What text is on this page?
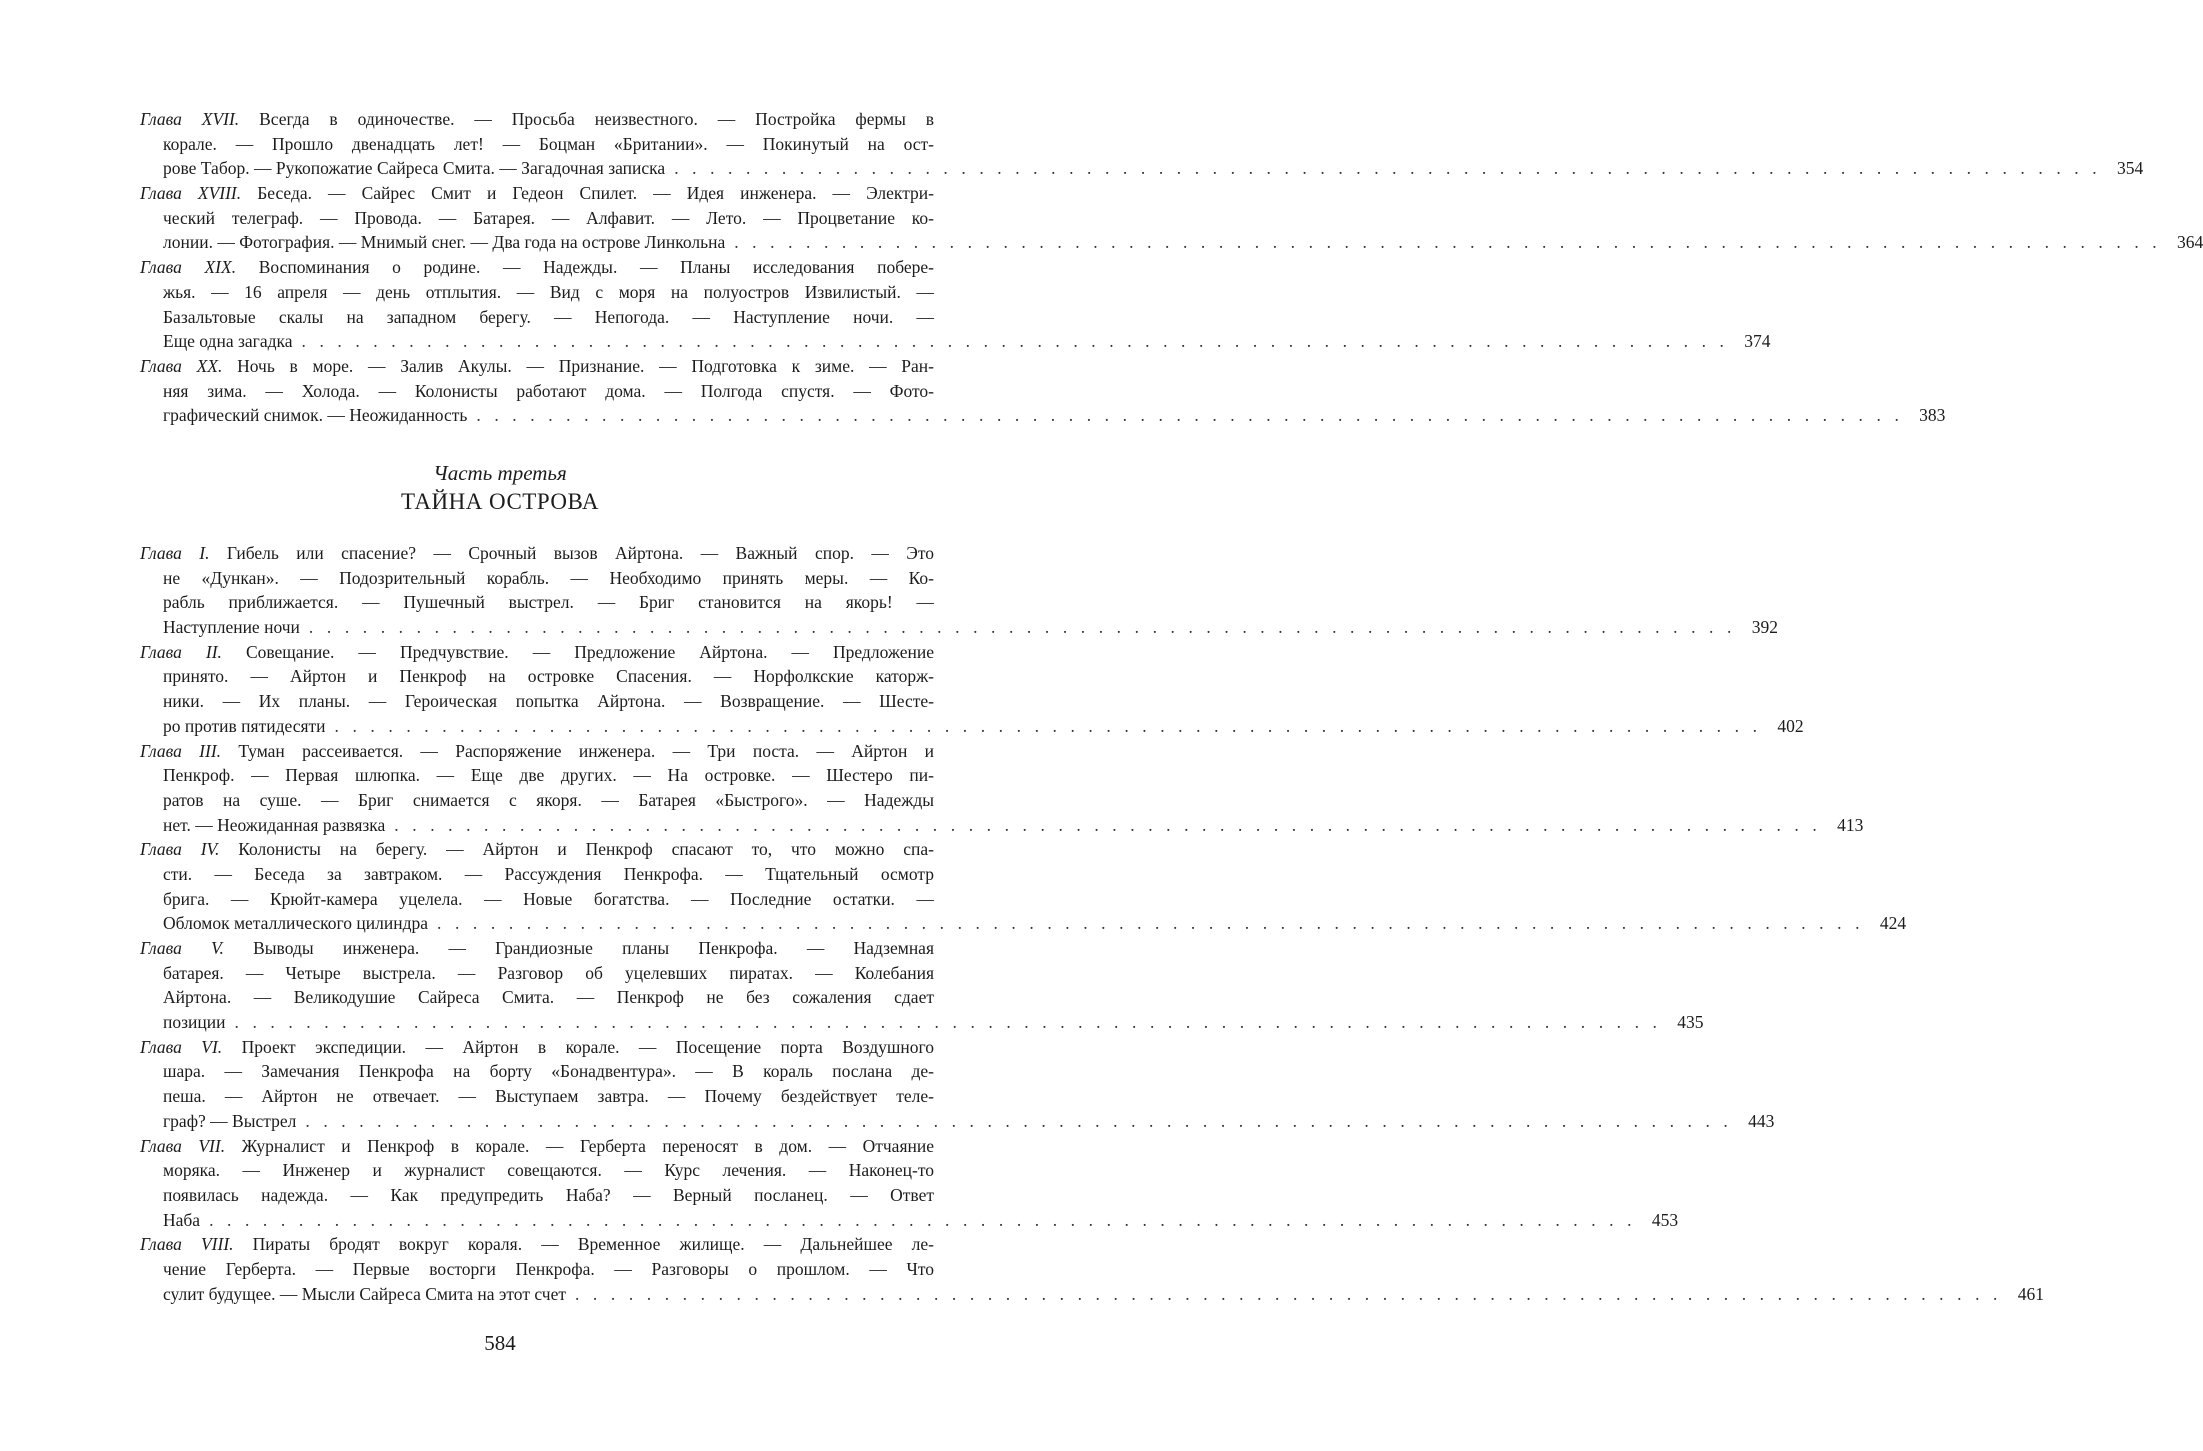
Глава XVII. Всегда в одиночестве. — Просьба неизвестного. — Постройка фермы в
корале. — Прошло двенадцать лет! — Боцман «Британии». — Покинутый на ост-
рове Табор. — Рукопожатие Сайреса Смита. — Загадочная записка . . . . . . . . . . . . . . . . . . . . . . . . . . . . . . . . . . . . . . . . . . . . . . . . . . . . . . . . . . . . . . . . . . . . . . . . . . . . . . . . 354
Глава XVIII. Беседа. — Сайрес Смит и Гедеон Спилет. — Идея инженера. — Электри-
ческий телеграф. — Провода. — Батарея. — Алфавит. — Лето. — Процветание ко-
лонии. — Фотография. — Мнимый снег. — Два года на острове Линкольна . . . . . . . . . . . . . . . . . . . . . . . . . . . . . . . . . . . . . . . . . . . . . . . . . . . . . . . . . . . . . . . . . . . . . . . . . . . . . . . . 364
Глава XIX. Воспоминания о родине. — Надежды. — Планы исследования побере-
жья. — 16 апреля — день отплытия. — Вид с моря на полуостров Извилистый. —
Базальтовые скалы на западном берегу. — Непогода. — Наступление ночи. —
Еще одна загадка . . . . . . . . . . . . . . . . . . . . . . . . . . . . . . . . . . . . . . . . . . . . . . . . . . . . . . . . . . . . . . . . . . . . . . . . . . . . . . . . 374
Глава XX. Ночь в море. — Залив Акулы. — Признание. — Подготовка к зиме. — Ран-
няя зима. — Холода. — Колонисты работают дома. — Полгода спустя. — Фото-
графический снимок. — Неожиданность . . . . . . . . . . . . . . . . . . . . . . . . . . . . . . . . . . . . . . . . . . . . . . . . . . . . . . . . . . . . . . . . . . . . . . . . . . . . . . . . 383
Часть третья
ТАЙНА ОСТРОВА
Глава I. Гибель или спасение? — Срочный вызов Айртона. — Важный спор. — Это
не «Дункан». — Подозрительный корабль. — Необходимо принять меры. — Ко-
рабль приближается. — Пушечный выстрел. — Бриг становится на якорь! —
Наступление ночи . . . . . . . . . . . . . . . . . . . . . . . . . . . . . . . . . . . . . . . . . . . . . . . . . . . . . . . . . . . . . . . . . . . . . . . . . . . . . . . . 392
Глава II. Совещание. — Предчувствие. — Предложение Айртона. — Предложение
принято. — Айртон и Пенкроф на островке Спасения. — Норфолкские каторж-
ники. — Их планы. — Героическая попытка Айртона. — Возвращение. — Шесте-
ро против пятидесяти . . . . . . . . . . . . . . . . . . . . . . . . . . . . . . . . . . . . . . . . . . . . . . . . . . . . . . . . . . . . . . . . . . . . . . . . . . . . . . . . 402
Глава III. Туман рассеивается. — Распоряжение инженера. — Три поста. — Айртон и
Пенкроф. — Первая шлюпка. — Еще две других. — На островке. — Шестеро пи-
ратов на суше. — Бриг снимается с якоря. — Батарея «Быстрого». — Надежды
нет. — Неожиданная развязка . . . . . . . . . . . . . . . . . . . . . . . . . . . . . . . . . . . . . . . . . . . . . . . . . . . . . . . . . . . . . . . . . . . . . . . . . . . . . . . . 413
Глава IV. Колонисты на берегу. — Айртон и Пенкроф спасают то, что можно спа-
сти. — Беседа за завтраком. — Рассуждения Пенкрофа. — Тщательный осмотр
брига. — Крюйт-камера уцелела. — Новые богатства. — Последние остатки. —
Обломок металлического цилиндра . . . . . . . . . . . . . . . . . . . . . . . . . . . . . . . . . . . . . . . . . . . . . . . . . . . . . . . . . . . . . . . . . . . . . . . . . . . . . . . . 424
Глава V. Выводы инженера. — Грандиозные планы Пенкрофа. — Надземная
батарея. — Четыре выстрела. — Разговор об уцелевших пиратах. — Колебания
Айртона. — Великодушие Сайреса Смита. — Пенкроф не без сожаления сдает
позиции . . . . . . . . . . . . . . . . . . . . . . . . . . . . . . . . . . . . . . . . . . . . . . . . . . . . . . . . . . . . . . . . . . . . . . . . . . . . . . . . 435
Глава VI. Проект экспедиции. — Айртон в корале. — Посещение порта Воздушного
шара. — Замечания Пенкрофа на борту «Бонадвентура». — В кораль послана де-
пеша. — Айртон не отвечает. — Выступаем завтра. — Почему бездействует теле-
граф? — Выстрел . . . . . . . . . . . . . . . . . . . . . . . . . . . . . . . . . . . . . . . . . . . . . . . . . . . . . . . . . . . . . . . . . . . . . . . . . . . . . . . . 443
Глава VII. Журналист и Пенкроф в корале. — Герберта переносят в дом. — Отчаяние
моряка. — Инженер и журналист совещаются. — Курс лечения. — Наконец-то
появилась надежда. — Как предупредить Наба? — Верный посланец. — Ответ
Наба . . . . . . . . . . . . . . . . . . . . . . . . . . . . . . . . . . . . . . . . . . . . . . . . . . . . . . . . . . . . . . . . . . . . . . . . . . . . . . . . 453
Глава VIII. Пираты бродят вокруг кораля. — Временное жилище. — Дальнейшее ле-
чение Герберта. — Первые восторги Пенкрофа. — Разговоры о прошлом. — Что
сулит будущее. — Мысли Сайреса Смита на этот счет . . . . . . . . . . . . . . . . . . . . . . . . . . . . . . . . . . . . . . . . . . . . . . . . . . . . . . . . . . . . . . . . . . . . . . . . . . . . . . . . 461
584
